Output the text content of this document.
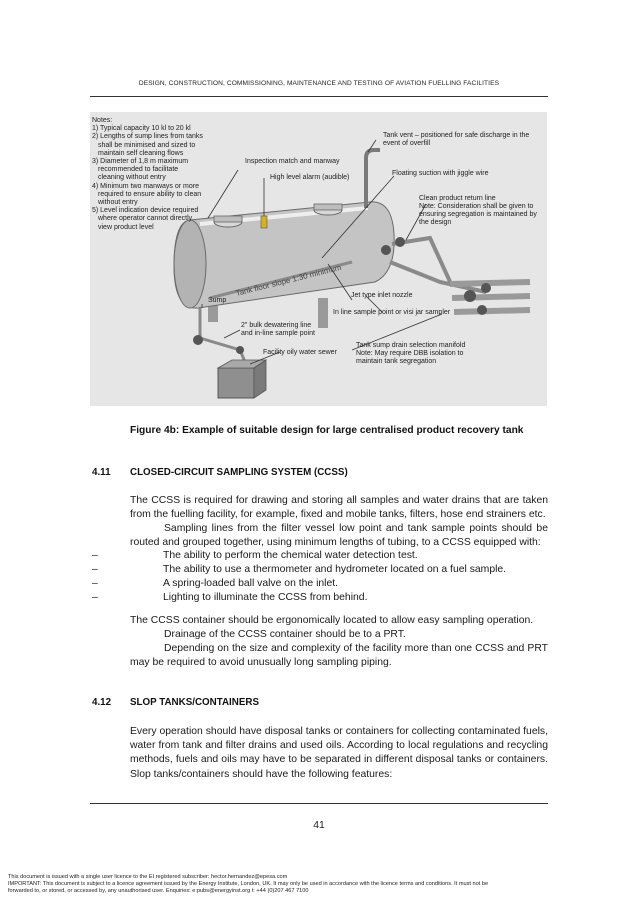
DESIGN, CONSTRUCTION, COMMISSIONING, MAINTENANCE AND TESTING OF AVIATION FUELLING FACILITIES
Notes:
1) Typical capacity 10 kl to 20 kl
2) Lengths of sump lines from tanks
shall be minimised and sized to
maintain self cleaning flows
3) Diameter of 1,8 m maximum
recommended to facilitate
cleaning without entry
4) Minimum two manways or more
required to ensure ability to clean
without entry
5) Level indication device required
where operator cannot directly
view product level
Tank vent – positioned for safe discharge in the
event of overfill
Inspection match and manway
Floating suction with jiggle wire
High level alarm (audible)
Clean product return line
Note: Consideration shall be given to
ensuring segregation is maintained by
the design
Tank floor slope 1:30 minimum
Sump
Jet type inlet nozzle
In line sample point or visi jar sampler
2" bulk dewatering line
and in-line sample point
Facility oily water sewer
Tank sump drain selection manifold
Note: May require DBB isolation to
maintain tank segregation
Figure 4b: Example of suitable design for large centralised product recovery tank
4.11 CLOSED-CIRCUIT SAMPLING SYSTEM (CCSS)
The CCSS is required for drawing and storing all samples and water drains that are taken from the fuelling facility, for example, fixed and mobile tanks, filters, hose end strainers etc.
Sampling lines from the filter vessel low point and tank sample points should be routed and grouped together, using minimum lengths of tubing, to a CCSS equipped with:
–	The ability to perform the chemical water detection test.
–	The ability to use a thermometer and hydrometer located on a fuel sample.
–	A spring-loaded ball valve on the inlet.
–	Lighting to illuminate the CCSS from behind.
The CCSS container should be ergonomically located to allow easy sampling operation.
Drainage of the CCSS container should be to a PRT.
Depending on the size and complexity of the facility more than one CCSS and PRT may be required to avoid unusually long sampling piping.
4.12 SLOP TANKS/CONTAINERS
Every operation should have disposal tanks or containers for collecting contaminated fuels, water from tank and filter drains and used oils. According to local regulations and recycling methods, fuels and oils may have to be separated in different disposal tanks or containers. Slop tanks/containers should have the following features:
41
This document is issued with a single user licence to the EI registered subscriber: hector.hernandez@epesa.com
IMPORTANT: This document is subject to a licence agreement issued by the Energy Institute, London, UK. It may only be used in accordance with the licence terms and conditions. It must not be
forwarded to, or stored, or accessed by, any unauthorised user. Enquiries: e:pubs@energyinst.org t: +44 (0)207 467 7100
